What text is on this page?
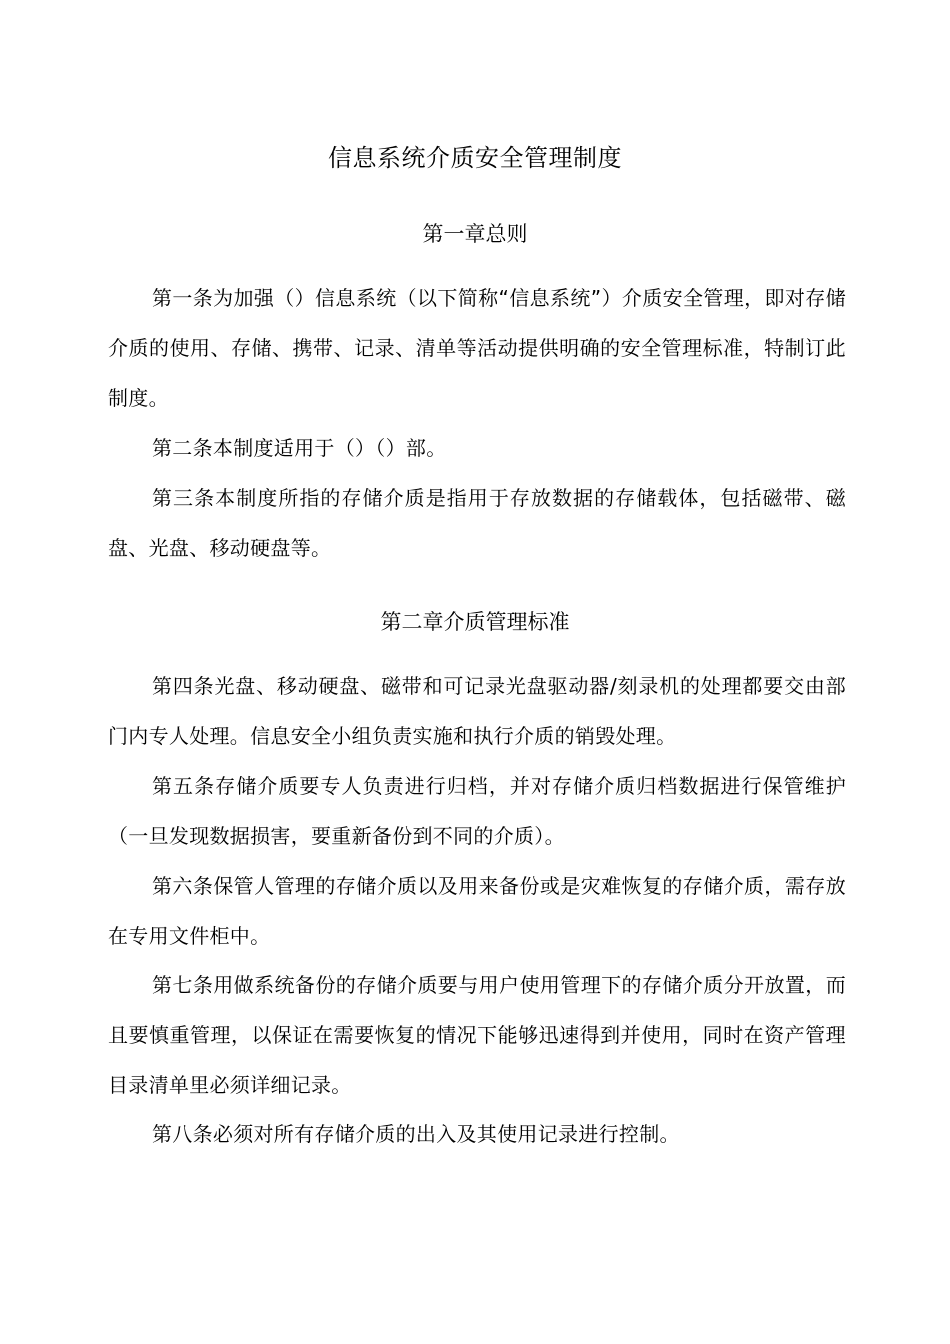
信息系统介质安全管理制度
第一章总则

第一条为加强（）信息系统（以下简称“信息系统”）介质安全管理，即对存储介质的使用、存储、携带、记录、清单等活动提供明确的安全管理标准，特制订此制度。

第二条本制度适用于（）（）部。

第三条本制度所指的存储介质是指用于存放数据的存储载体，包括磁带、磁盘、光盘、移动硬盘等。

第二章介质管理标准

第四条光盘、移动硬盘、磁带和可记录光盘驱动器/刻录机的处理都要交由部门内专人处理。信息安全小组负责实施和执行介质的销毁处理。

第五条存储介质要专人负责进行归档，并对存储介质归档数据进行保管维护（一旦发现数据损害，要重新备份到不同的介质）。

第六条保管人管理的存储介质以及用来备份或是灾难恢复的存储介质，需存放在专用文件柜中。

第七条用做系统备份的存储介质要与用户使用管理下的存储介质分开放置，而且要慎重管理，以保证在需要恢复的情况下能够迅速得到并使用，同时在资产管理目录清单里必须详细记录。

第八条必须对所有存储介质的出入及其使用记录进行控制。
